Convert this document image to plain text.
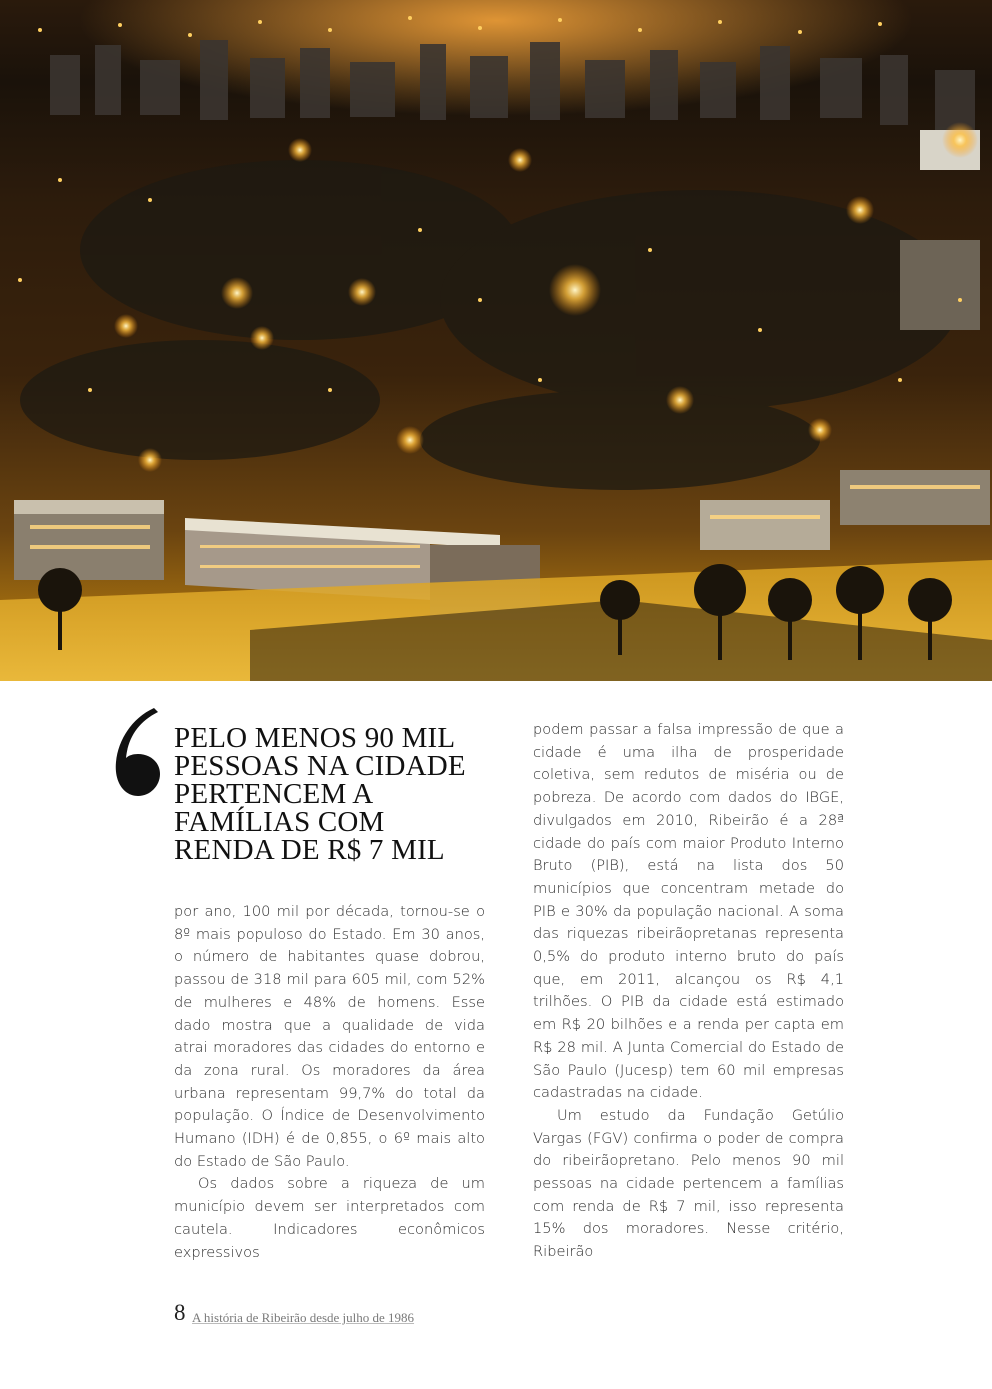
PELO MENOS 90 MIL
PESSOAS NA CIDADE
PERTENCEM A
FAMÍLIAS COM
RENDA DE R$ 7 MIL

por ano, 100 mil por década, tornou-se o 8º mais populoso do Estado. Em 30 anos, o número de habitantes quase dobrou, passou de 318 mil para 605 mil, com 52% de mulheres e 48% de homens. Esse dado mostra que a qualidade de vida atrai moradores das cidades do entorno e da zona rural. Os moradores da área urbana representam 99,7% do total da população. O Índice de Desenvolvimento Humano (IDH) é de 0,855, o 6º mais alto do Estado de São Paulo.

Os dados sobre a riqueza de um município devem ser interpretados com cautela. Indicadores econômicos expressivos

podem passar a falsa impressão de que a cidade é uma ilha de prosperidade coletiva, sem redutos de miséria ou de pobreza. De acordo com dados do IBGE, divulgados em 2010, Ribeirão é a 28ª cidade do país com maior Produto Interno Bruto (PIB), está na lista dos 50 municípios que concentram metade do PIB e 30% da população nacional. A soma das riquezas ribeirãopretanas representa 0,5% do produto interno bruto do país que, em 2011, alcançou os R$ 4,1 trilhões. O PIB da cidade está estimado em R$ 20 bilhões e a renda per capta em R$ 28 mil. A Junta Comercial do Estado de São Paulo (Jucesp) tem 60 mil empresas cadastradas na cidade.

Um estudo da Fundação Getúlio Vargas (FGV) confirma o poder de compra do ribeirãopretano. Pelo menos 90 mil pessoas na cidade pertencem a famílias com renda de R$ 7 mil, isso representa 15% dos moradores. Nesse critério, Ribeirão

8 A história de Ribeirão desde julho de 1986
